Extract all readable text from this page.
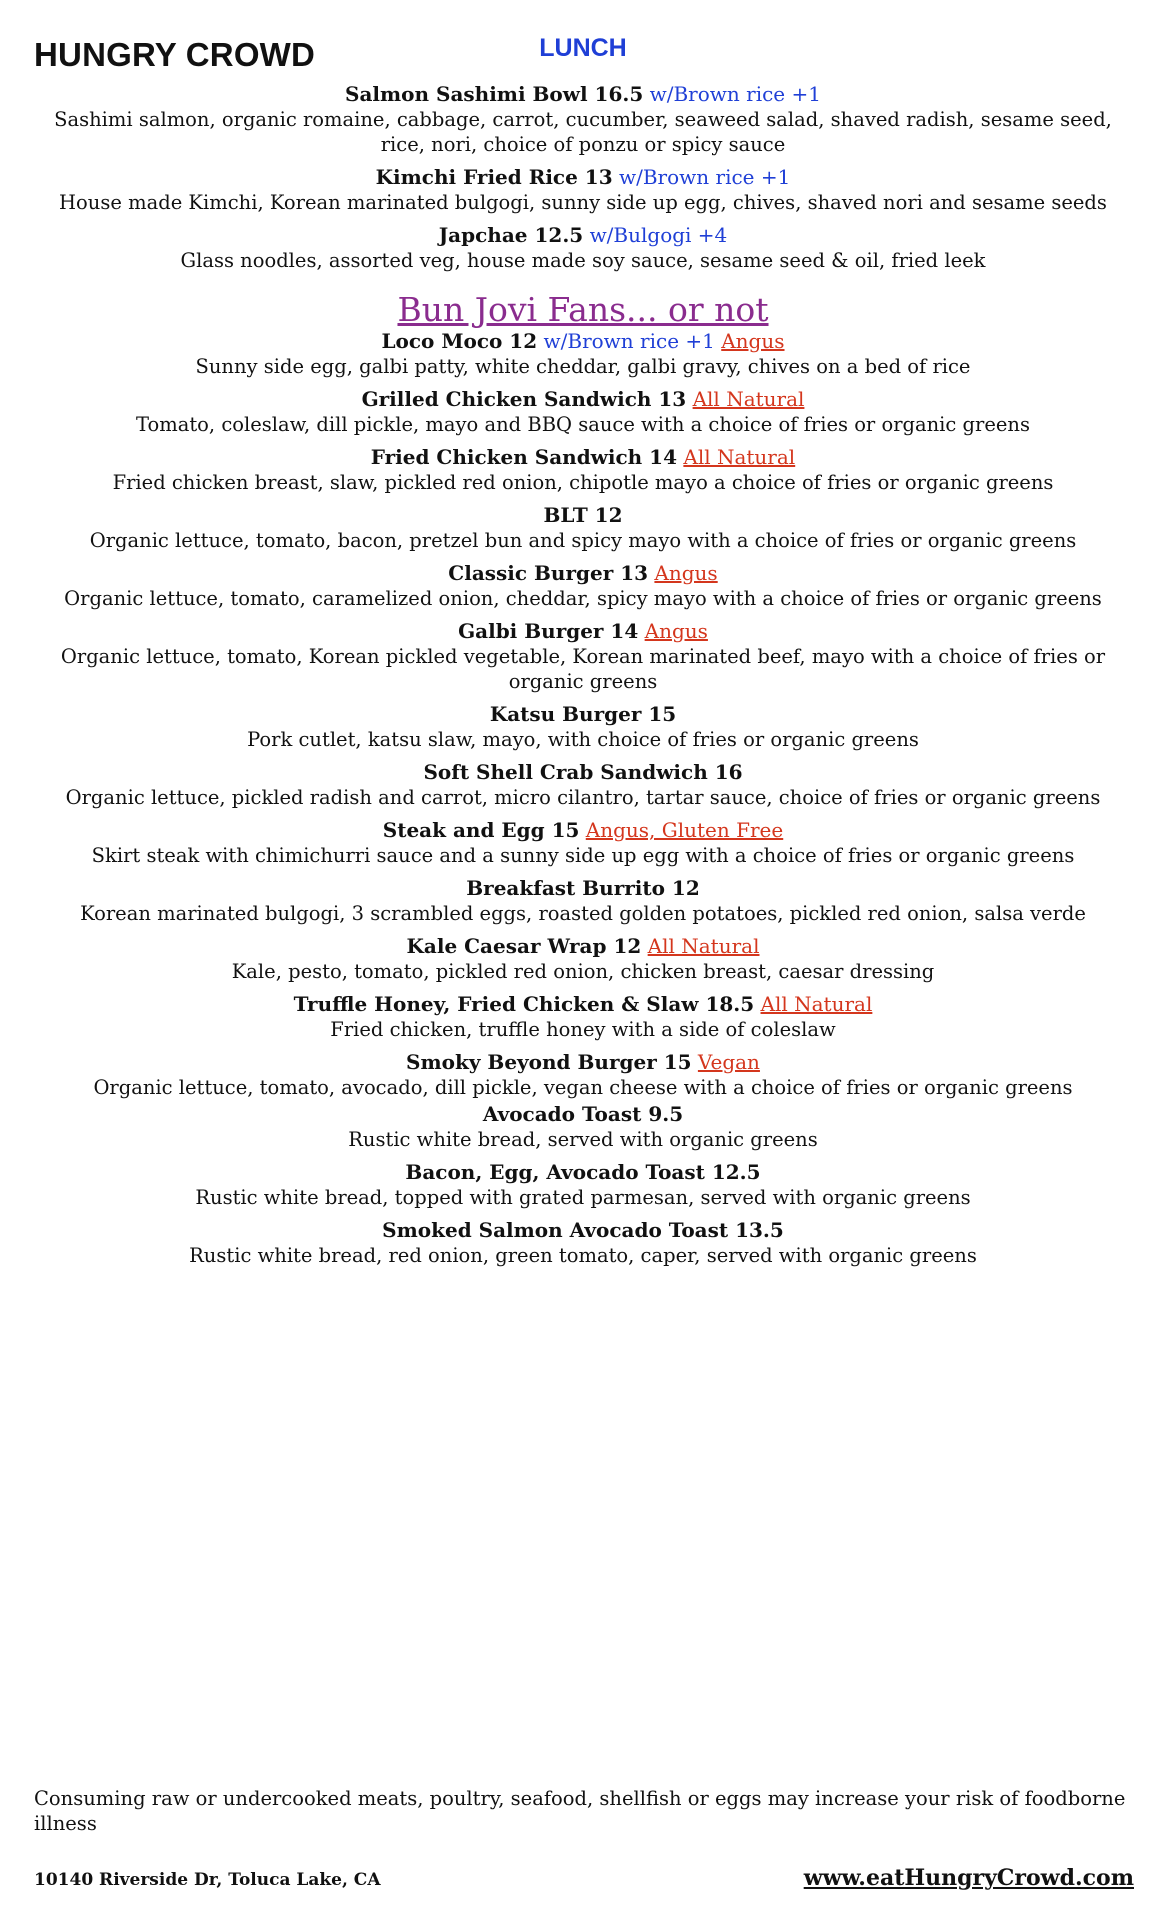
HUNGRY CROWD	LUNCH
Salmon Sashimi Bowl 16.5 w/Brown rice +1
Sashimi salmon, organic romaine, cabbage, carrot, cucumber, seaweed salad, shaved radish, sesame seed, rice, nori, choice of ponzu or spicy sauce
Kimchi Fried Rice 13 w/Brown rice +1
House made Kimchi, Korean marinated bulgogi, sunny side up egg, chives, shaved nori and sesame seeds
Japchae 12.5 w/Bulgogi +4
Glass noodles, assorted veg, house made soy sauce, sesame seed & oil, fried leek
Bun Jovi Fans... or not
Loco Moco 12 w/Brown rice +1 Angus
Sunny side egg, galbi patty, white cheddar, galbi gravy, chives on a bed of rice
Grilled Chicken Sandwich 13 All Natural
Tomato, coleslaw, dill pickle, mayo and BBQ sauce with a choice of fries or organic greens
Fried Chicken Sandwich 14 All Natural
Fried chicken breast, slaw, pickled red onion, chipotle mayo a choice of fries or organic greens
BLT 12
Organic lettuce, tomato, bacon, pretzel bun and spicy mayo with a choice of fries or organic greens
Classic Burger 13 Angus
Organic lettuce, tomato, caramelized onion, cheddar, spicy mayo with a choice of fries or organic greens
Galbi Burger 14 Angus
Organic lettuce, tomato, Korean pickled vegetable, Korean marinated beef, mayo with a choice of fries or organic greens
Katsu Burger 15
Pork cutlet, katsu slaw, mayo, with choice of fries or organic greens
Soft Shell Crab Sandwich 16
Organic lettuce, pickled radish and carrot, micro cilantro, tartar sauce, choice of fries or organic greens
Steak and Egg 15 Angus, Gluten Free
Skirt steak with chimichurri sauce and a sunny side up egg with a choice of fries or organic greens
Breakfast Burrito 12
Korean marinated bulgogi, 3 scrambled eggs, roasted golden potatoes, pickled red onion, salsa verde
Kale Caesar Wrap 12 All Natural
Kale, pesto, tomato, pickled red onion, chicken breast, caesar dressing
Truffle Honey, Fried Chicken & Slaw 18.5 All Natural
Fried chicken, truffle honey with a side of coleslaw
Smoky Beyond Burger 15 Vegan
Organic lettuce, tomato, avocado, dill pickle, vegan cheese with a choice of fries or organic greens
Avocado Toast 9.5
Rustic white bread, served with organic greens
Bacon, Egg, Avocado Toast 12.5
Rustic white bread, topped with grated parmesan, served with organic greens
Smoked Salmon Avocado Toast 13.5
Rustic white bread, red onion, green tomato, caper, served with organic greens
Consuming raw or undercooked meats, poultry, seafood, shellfish or eggs may increase your risk of foodborne illness
10140 Riverside Dr, Toluca Lake, CA	www.eatHungryCrowd.com
